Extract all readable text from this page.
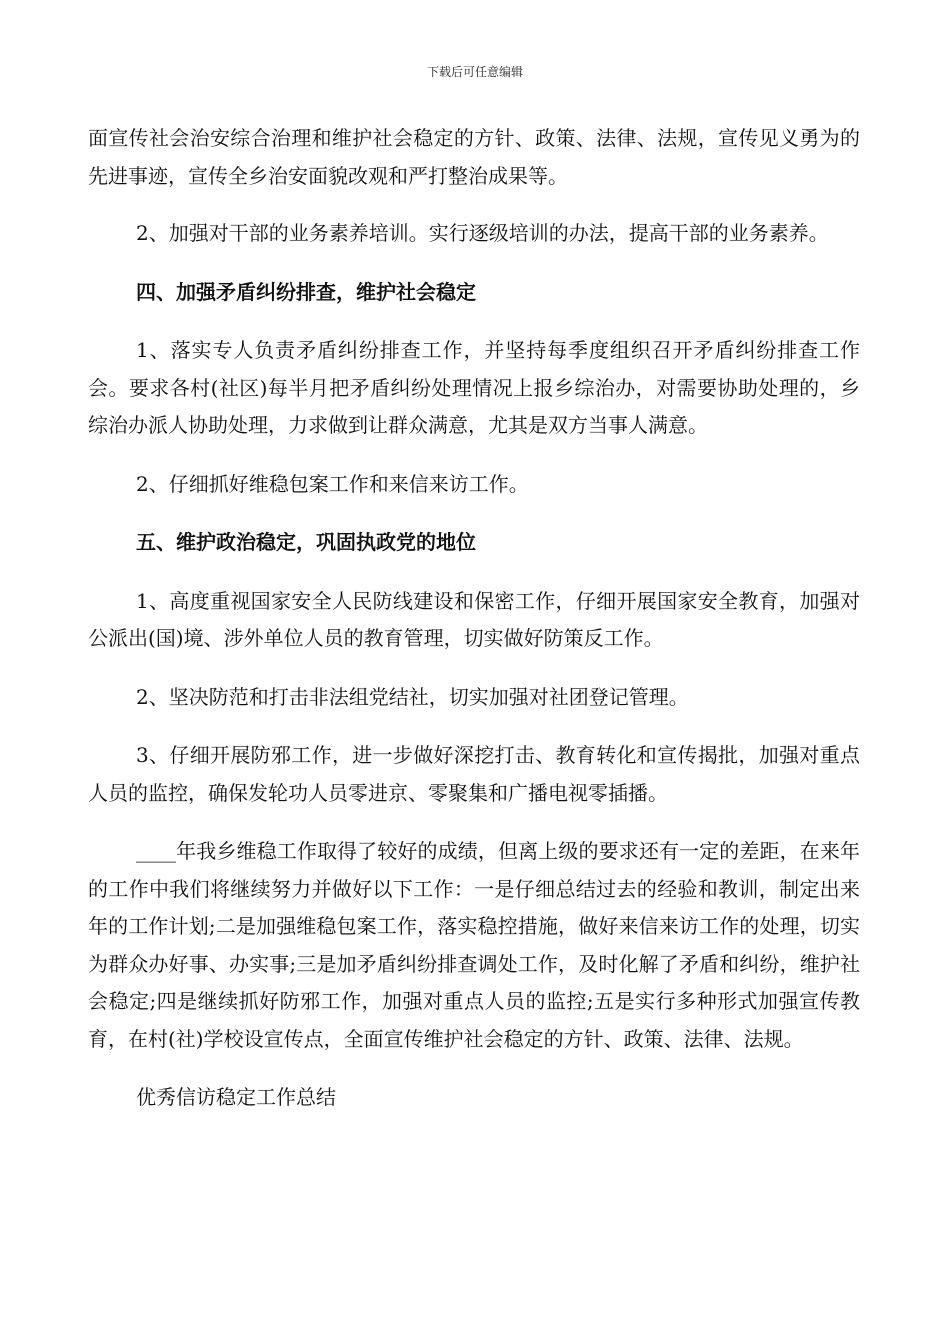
下载后可任意编辑

面宣传社会治安综合治理和维护社会稳定的方针、政策、法律、法规，宣传见义勇为的先进事迹，宣传全乡治安面貌改观和严打整治成果等。

2、加强对干部的业务素养培训。实行逐级培训的办法，提高干部的业务素养。

四、加强矛盾纠纷排查，维护社会稳定

1、落实专人负责矛盾纠纷排查工作，并坚持每季度组织召开矛盾纠纷排查工作会。要求各村(社区)每半月把矛盾纠纷处理情况上报乡综治办，对需要协助处理的，乡综治办派人协助处理，力求做到让群众满意，尤其是双方当事人满意。

2、仔细抓好维稳包案工作和来信来访工作。

五、维护政治稳定，巩固执政党的地位

1、高度重视国家安全人民防线建设和保密工作，仔细开展国家安全教育，加强对公派出(国)境、涉外单位人员的教育管理，切实做好防策反工作。

2、坚决防范和打击非法组党结社，切实加强对社团登记管理。

3、仔细开展防邪工作，进一步做好深挖打击、教育转化和宣传揭批，加强对重点人员的监控，确保发轮功人员零进京、零聚集和广播电视零插播。

____年我乡维稳工作取得了较好的成绩，但离上级的要求还有一定的差距，在来年的工作中我们将继续努力并做好以下工作：一是仔细总结过去的经验和教训，制定出来年的工作计划;二是加强维稳包案工作，落实稳控措施，做好来信来访工作的处理，切实为群众办好事、办实事;三是加矛盾纠纷排查调处工作，及时化解了矛盾和纠纷，维护社会稳定;四是继续抓好防邪工作，加强对重点人员的监控;五是实行多种形式加强宣传教育，在村(社)学校设宣传点，全面宣传维护社会稳定的方针、政策、法律、法规。

优秀信访稳定工作总结
